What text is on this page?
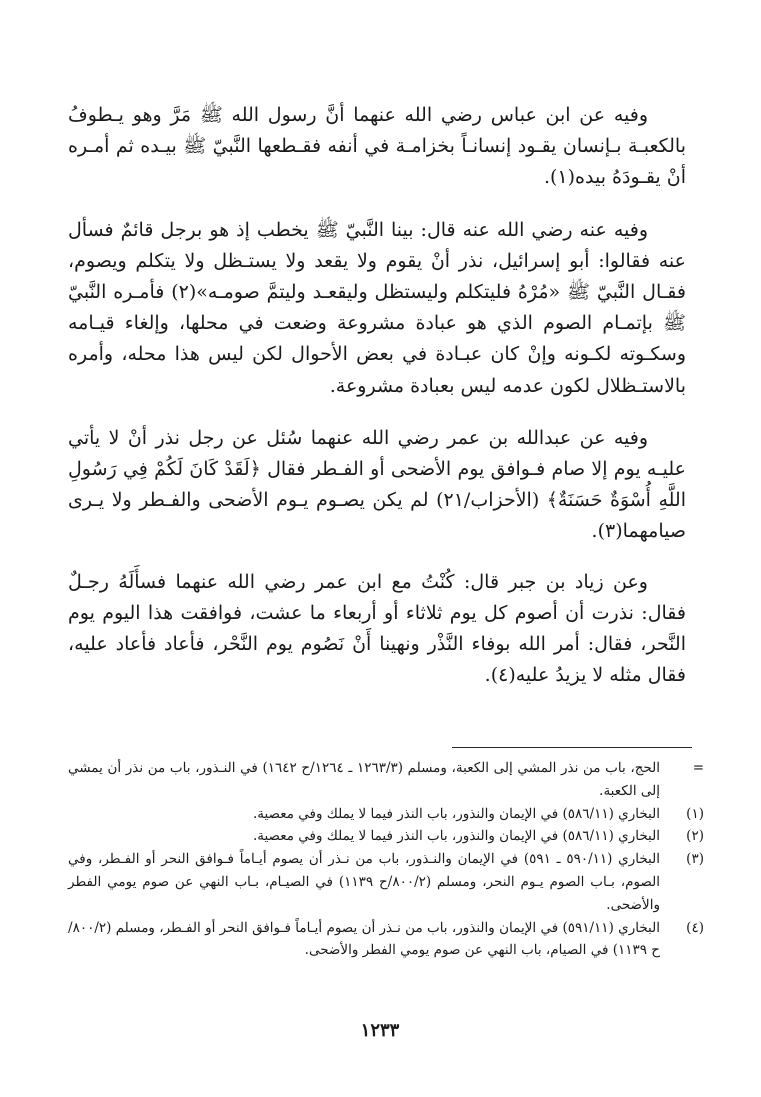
وفيه عن ابن عباس رضي الله عنهما أنَّ رسول الله ﷺ مَرَّ وهو يـطوفُ بالكعبـة بـإنسان يقـود إنسانـاً بخزامـة في أنفه فقـطعها النَّبيّ ﷺ بيـده ثم أمـره أنْ يقـودَهُ بيده(١).

وفيه عنه رضي الله عنه قال: بينا النَّبيّ ﷺ يخطب إذ هو برجل قائمٌ فسأل عنه فقالوا: أبو إسرائيل، نذر أنْ يقوم ولا يقعد ولا يستـظل ولا يتكلم ويصوم، فقـال النَّبيّ ﷺ «مُرْهُ فليتكلم وليستظل وليقعـد وليتمَّ صومـه»(٢) فأمـره النَّبيّ ﷺ بإتمـام الصوم الذي هو عبادة مشروعة وضعت في محلها، وإلغاء قيـامه وسكـوته لكـونه وإنْ كان عبـادة في بعض الأحوال لكن ليس هذا محله، وأمره بالاستـظلال لكون عدمه ليس بعبادة مشروعة.

وفيه عن عبدالله بن عمر رضي الله عنهما سُئل عن رجل نذر أنْ لا يأتي عليـه يوم إلا صام فـوافق يوم الأضحى أو الفـطر فقال ﴿لَقَدْ كَانَ لَكُمْ فِي رَسُولِ اللَّهِ أُسْوَةٌ حَسَنَةٌ﴾ (الأحزاب/٢١) لم يكن يصـوم يـوم الأضحى والفـطر ولا يـرى صيامهما(٣).

وعن زياد بن جبر قال: كُنْتُ مع ابن عمر رضي الله عنهما فسأَلَهُ رجـلٌ فقال: نذرت أن أصوم كل يوم ثلاثاء أو أربعاء ما عشت، فوافقت هذا اليوم يوم النَّحر، فقال: أمر الله بوفاء النَّذْر ونهينا أَنْ نَصُوم يوم النَّحْر، فأعاد فأعاد عليه، فقال مثله لا يزيدُ عليه(٤).

=
الحج، باب من نذر المشي إلى الكعبة، ومسلم (١٢٦٣/٣ ـ ١٢٦٤/ح ١٦٤٢) في النـذور، باب من نذر أن يمشي إلى الكعبة.
(١)
البخاري (٥٨٦/١١) في الإيمان والنذور، باب النذر فيما لا يملك وفي معصية.
(٢)
البخاري (٥٨٦/١١) في الإيمان والنذور، باب النذر فيما لا يملك وفي معصية.
(٣)
البخاري (٥٩٠/١١ ـ ٥٩١) في الإيمان والنـذور، باب من نـذر أن يصوم أيـاماً فـوافق النحر أو الفـطر، وفي الصوم، بـاب الصوم يـوم النحر، ومسلم (٨٠٠/٢/ح ١١٣٩) في الصيـام، بـاب النهي عن صوم يومي الفطر والأضحى.
(٤)
البخاري (٥٩١/١١) في الإيمان والنذور، باب من نـذر أن يصوم أيـاماً فـوافق النحر أو الفـطر، ومسلم (٨٠٠/٢/ح ١١٣٩) في الصيام، باب النهي عن صوم يومي الفطر والأضحى.
١٢٣٣
